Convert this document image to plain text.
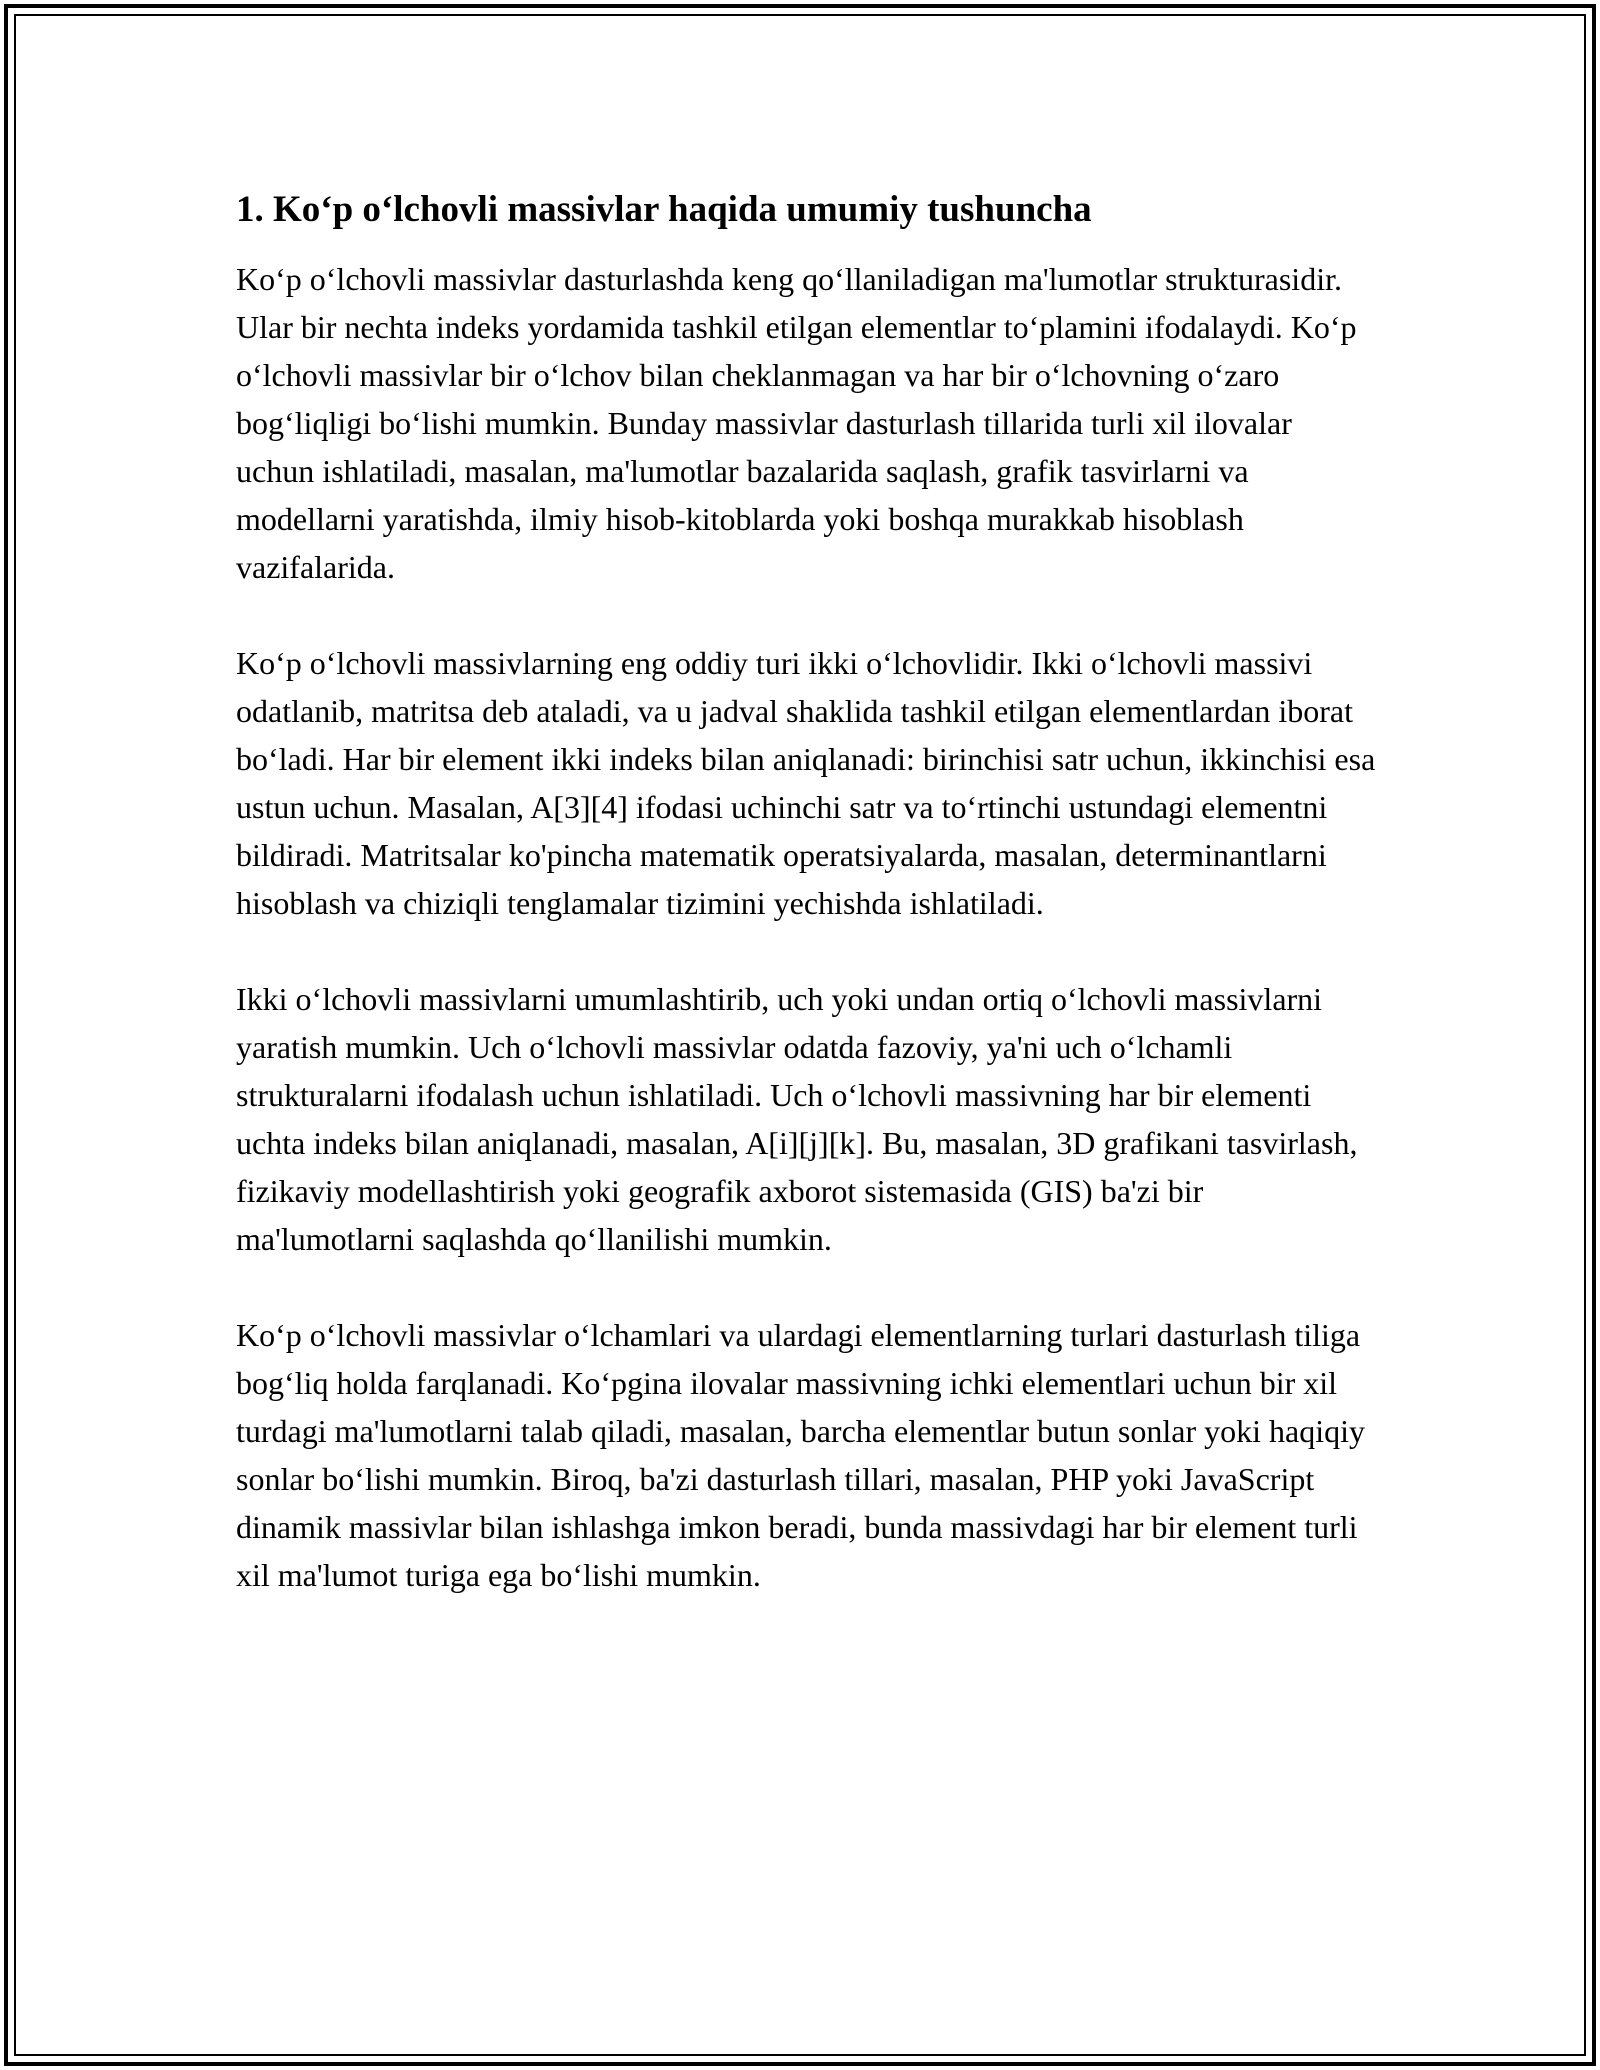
1. Ko‘p o‘lchovli massivlar haqida umumiy tushuncha

Ko‘p o‘lchovli massivlar dasturlashda keng qo‘llaniladigan ma'lumotlar strukturasidir. Ular bir nechta indeks yordamida tashkil etilgan elementlar to‘plamini ifodalaydi. Ko‘p o‘lchovli massivlar bir o‘lchov bilan cheklanmagan va har bir o‘lchovning o‘zaro bog‘liqligi bo‘lishi mumkin. Bunday massivlar dasturlash tillarida turli xil ilovalar uchun ishlatiladi, masalan, ma'lumotlar bazalarida saqlash, grafik tasvirlarni va modellarni yaratishda, ilmiy hisob-kitoblarda yoki boshqa murakkab hisoblash vazifalarida.

Ko‘p o‘lchovli massivlarning eng oddiy turi ikki o‘lchovlidir. Ikki o‘lchovli massivi odatlanib, matritsa deb ataladi, va u jadval shaklida tashkil etilgan elementlardan iborat bo‘ladi. Har bir element ikki indeks bilan aniqlanadi: birinchisi satr uchun, ikkinchisi esa ustun uchun. Masalan, A[3][4] ifodasi uchinchi satr va to‘rtinchi ustundagi elementni bildiradi. Matritsalar ko'pincha matematik operatsiyalarda, masalan, determinantlarni hisoblash va chiziqli tenglamalar tizimini yechishda ishlatiladi.

Ikki o‘lchovli massivlarni umumlashtirib, uch yoki undan ortiq o‘lchovli massivlarni yaratish mumkin. Uch o‘lchovli massivlar odatda fazoviy, ya'ni uch o‘lchamli strukturalarni ifodalash uchun ishlatiladi. Uch o‘lchovli massivning har bir elementi uchta indeks bilan aniqlanadi, masalan, A[i][j][k]. Bu, masalan, 3D grafikani tasvirlash, fizikaviy modellashtirish yoki geografik axborot sistemasida (GIS) ba'zi bir ma'lumotlarni saqlashda qo‘llanilishi mumkin.

Ko‘p o‘lchovli massivlar o‘lchamlari va ulardagi elementlarning turlari dasturlash tiliga bog‘liq holda farqlanadi. Ko‘pgina ilovalar massivning ichki elementlari uchun bir xil turdagi ma'lumotlarni talab qiladi, masalan, barcha elementlar butun sonlar yoki haqiqiy sonlar bo‘lishi mumkin. Biroq, ba'zi dasturlash tillari, masalan, PHP yoki JavaScript dinamik massivlar bilan ishlashga imkon beradi, bunda massivdagi har bir element turli xil ma'lumot turiga ega bo‘lishi mumkin.
